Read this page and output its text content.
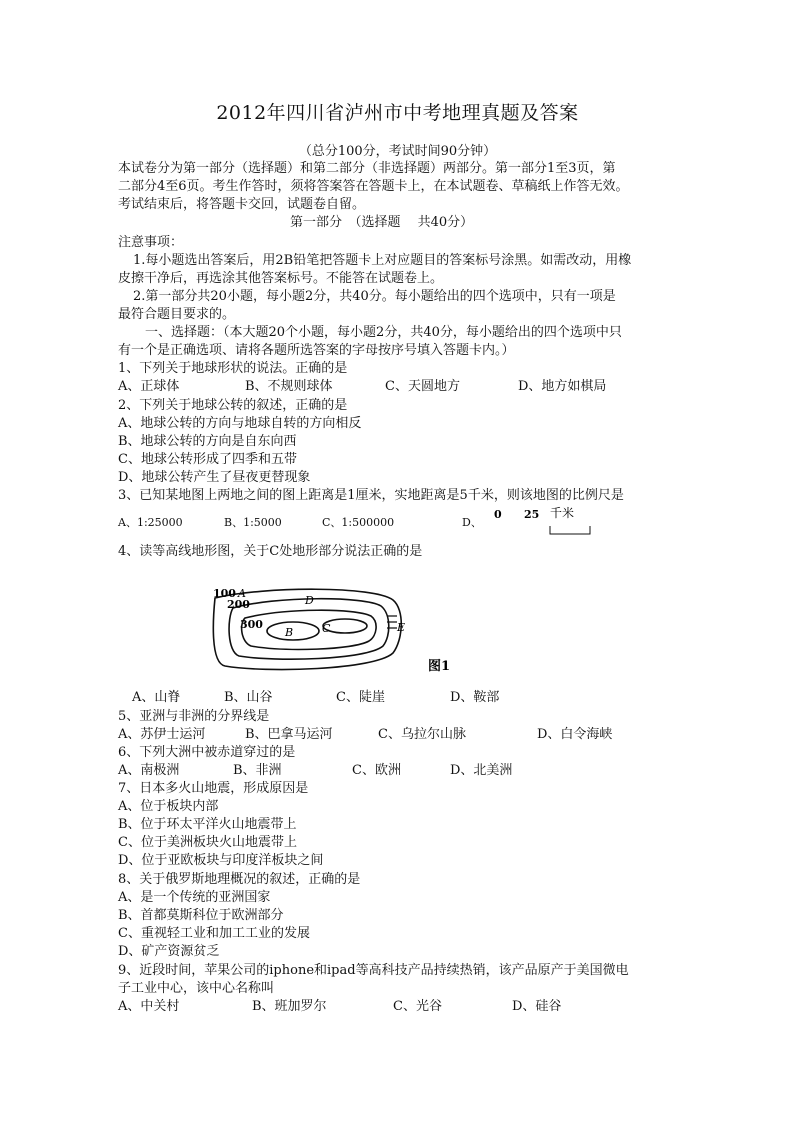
2012年四川省泸州市中考地理真题及答案
（总分100分，考试时间90分钟）
本试卷分为第一部分（选择题）和第二部分（非选择题）两部分。第一部分1至3页，第
二部分4至6页。考生作答时，须将答案答在答题卡上，在本试题卷、草稿纸上作答无效。
考试结束后，将答题卡交回，试题卷自留。
第一部分　（选择题　 共40分）
注意事项：
1.每小题选出答案后，用2B铅笔把答题卡上对应题目的答案标号涂黑。如需改动，用橡
皮擦干净后，再选涂其他答案标号。不能答在试题卷上。
2.第一部分共20小题，每小题2分，共40分。每小题给出的四个选项中，只有一项是
最符合题目要求的。
一、选择题：（本大题20个小题，每小题2分，共40分，每小题给出的四个选项中只
有一个是正确选项、请将各题所选答案的字母按序号填入答题卡内。）
1、下列关于地球形状的说法。正确的是
A、正球体	B、不规则球体	C、天圆地方	D、地方如棋局
2、下列关于地球公转的叙述，正确的是
A、地球公转的方向与地球自转的方向相反
B、地球公转的方向是自东向西
C、地球公转形成了四季和五带
D、地球公转产生了昼夜更替现象
3、已知某地图上两地之间的图上距离是1厘米，实地距离是5千米，则该地图的比例尺是
A、1:25000	B、1:5000	C、1:500000	D、
0 25 千米
4、读等高线地形图，关于C处地形部分说法正确的是
100 A
200	D
300
B	C	E
图1
A、山脊	B、山谷	C、陡崖	D、鞍部
5、亚洲与非洲的分界线是
A、苏伊士运河	B、巴拿马运河	C、乌拉尔山脉	D、白令海峡
6、下列大洲中被赤道穿过的是
A、南极洲	B、非洲	C、欧洲	D、北美洲
7、日本多火山地震，形成原因是
A、位于板块内部
B、位于环太平洋火山地震带上
C、位于美洲板块火山地震带上
D、位于亚欧板块与印度洋板块之间
8、关于俄罗斯地理概况的叙述，正确的是
A、是一个传统的亚洲国家
B、首都莫斯科位于欧洲部分
C、重视轻工业和加工工业的发展
D、矿产资源贫乏
9、近段时间，苹果公司的iphone和ipad等高科技产品持续热销，该产品原产于美国微电
子工业中心，该中心名称叫
A、中关村	B、班加罗尔	C、光谷	D、硅谷
